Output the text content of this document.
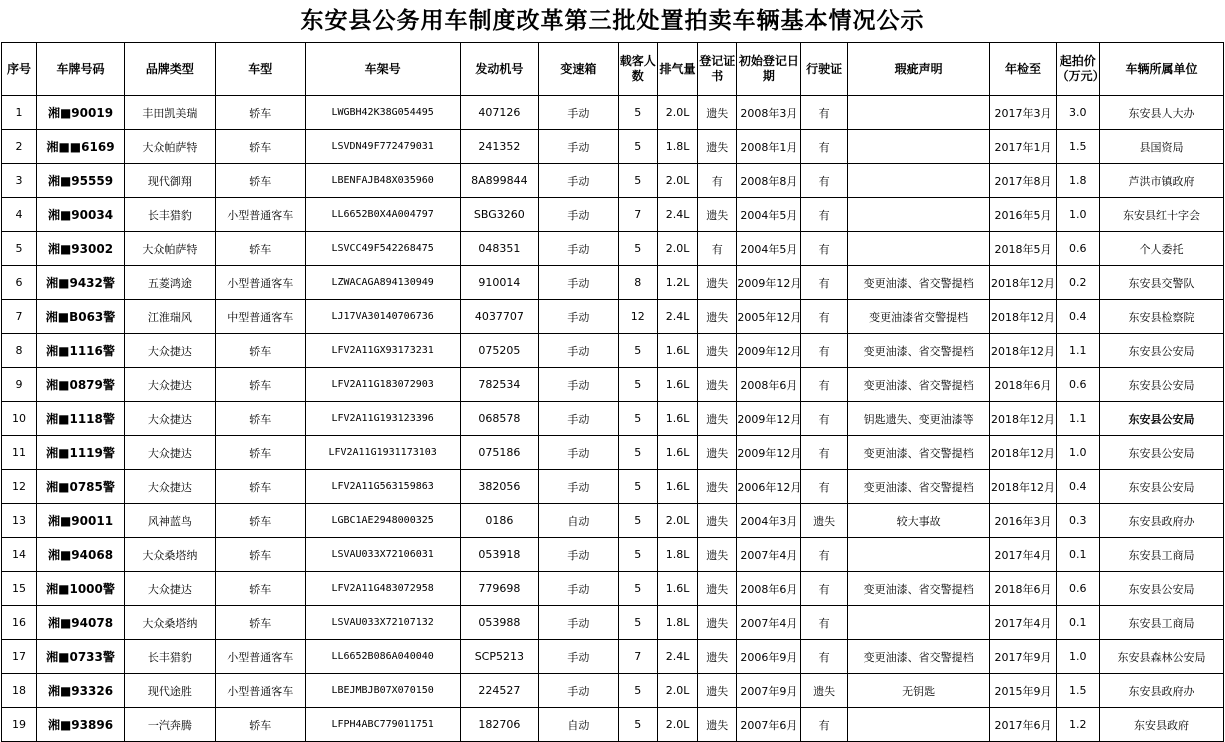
东安县公务用车制度改革第三批处置拍卖车辆基本情况公示
序号	车牌号码	品牌类型	车型	车架号	发动机号	变速箱	载客人数	排气量	登记证书	初始登记日期	行驶证	瑕疵声明	年检至	起拍价（万元）	车辆所属单位
1	湘■90019	丰田凯美瑞	轿车	LWGBH42K38G054495	407126	手动	5	2.0L	遗失	2008年3月	有		2017年3月	3.0	东安县人大办
2	湘■■6169	大众帕萨特	轿车	LSVDN49F772479031	241352	手动	5	1.8L	遗失	2008年1月	有		2017年1月	1.5	县国资局
3	湘■95559	现代御翔	轿车	LBENFAJB48X035960	8A899844	手动	5	2.0L	有	2008年8月	有		2017年8月	1.8	芦洪市镇政府
4	湘■90034	长丰猎豹	小型普通客车	LL6652B0X4A004797	SBG3260	手动	7	2.4L	遗失	2004年5月	有		2016年5月	1.0	东安县红十字会
5	湘■93002	大众帕萨特	轿车	LSVCC49F542268475	048351	手动	5	2.0L	有	2004年5月	有		2018年5月	0.6	个人委托
6	湘■9432警	五菱鸿途	小型普通客车	LZWACAGA894130949	910014	手动	8	1.2L	遗失	2009年12月	有	变更油漆、省交警提档	2018年12月	0.2	东安县交警队
7	湘■B063警	江淮瑞风	中型普通客车	LJ17VA30140706736	4037707	手动	12	2.4L	遗失	2005年12月	有	变更油漆省交警提档	2018年12月	0.4	东安县检察院
8	湘■1116警	大众捷达	轿车	LFV2A11GX93173231	075205	手动	5	1.6L	遗失	2009年12月	有	变更油漆、省交警提档	2018年12月	1.1	东安县公安局
9	湘■0879警	大众捷达	轿车	LFV2A11G183072903	782534	手动	5	1.6L	遗失	2008年6月	有	变更油漆、省交警提档	2018年6月	0.6	东安县公安局
10	湘■1118警	大众捷达	轿车	LFV2A11G193123396	068578	手动	5	1.6L	遗失	2009年12月	有	钥匙遗失、变更油漆等	2018年12月	1.1	东安县公安局
11	湘■1119警	大众捷达	轿车	LFV2A11G1931173103	075186	手动	5	1.6L	遗失	2009年12月	有	变更油漆、省交警提档	2018年12月	1.0	东安县公安局
12	湘■0785警	大众捷达	轿车	LFV2A11G563159863	382056	手动	5	1.6L	遗失	2006年12月	有	变更油漆、省交警提档	2018年12月	0.4	东安县公安局
13	湘■90011	风神蓝鸟	轿车	LGBC1AE2948000325	0186	自动	5	2.0L	遗失	2004年3月	遗失	较大事故	2016年3月	0.3	东安县政府办
14	湘■94068	大众桑塔纳	轿车	LSVAU033X72106031	053918	手动	5	1.8L	遗失	2007年4月	有		2017年4月	0.1	东安县工商局
15	湘■1000警	大众捷达	轿车	LFV2A11G483072958	779698	手动	5	1.6L	遗失	2008年6月	有	变更油漆、省交警提档	2018年6月	0.6	东安县公安局
16	湘■94078	大众桑塔纳	轿车	LSVAU033X72107132	053988	手动	5	1.8L	遗失	2007年4月	有		2017年4月	0.1	东安县工商局
17	湘■0733警	长丰猎豹	小型普通客车	LL6652B086A040040	SCP5213	手动	7	2.4L	遗失	2006年9月	有	变更油漆、省交警提档	2017年9月	1.0	东安县森林公安局
18	湘■93326	现代途胜	小型普通客车	LBEJMBJB07X070150	224527	手动	5	2.0L	遗失	2007年9月	遗失	无钥匙	2015年9月	1.5	东安县政府办
19	湘■93896	一汽奔腾	轿车	LFPH4ABC779011751	182706	自动	5	2.0L	遗失	2007年6月	有		2017年6月	1.2	东安县政府
